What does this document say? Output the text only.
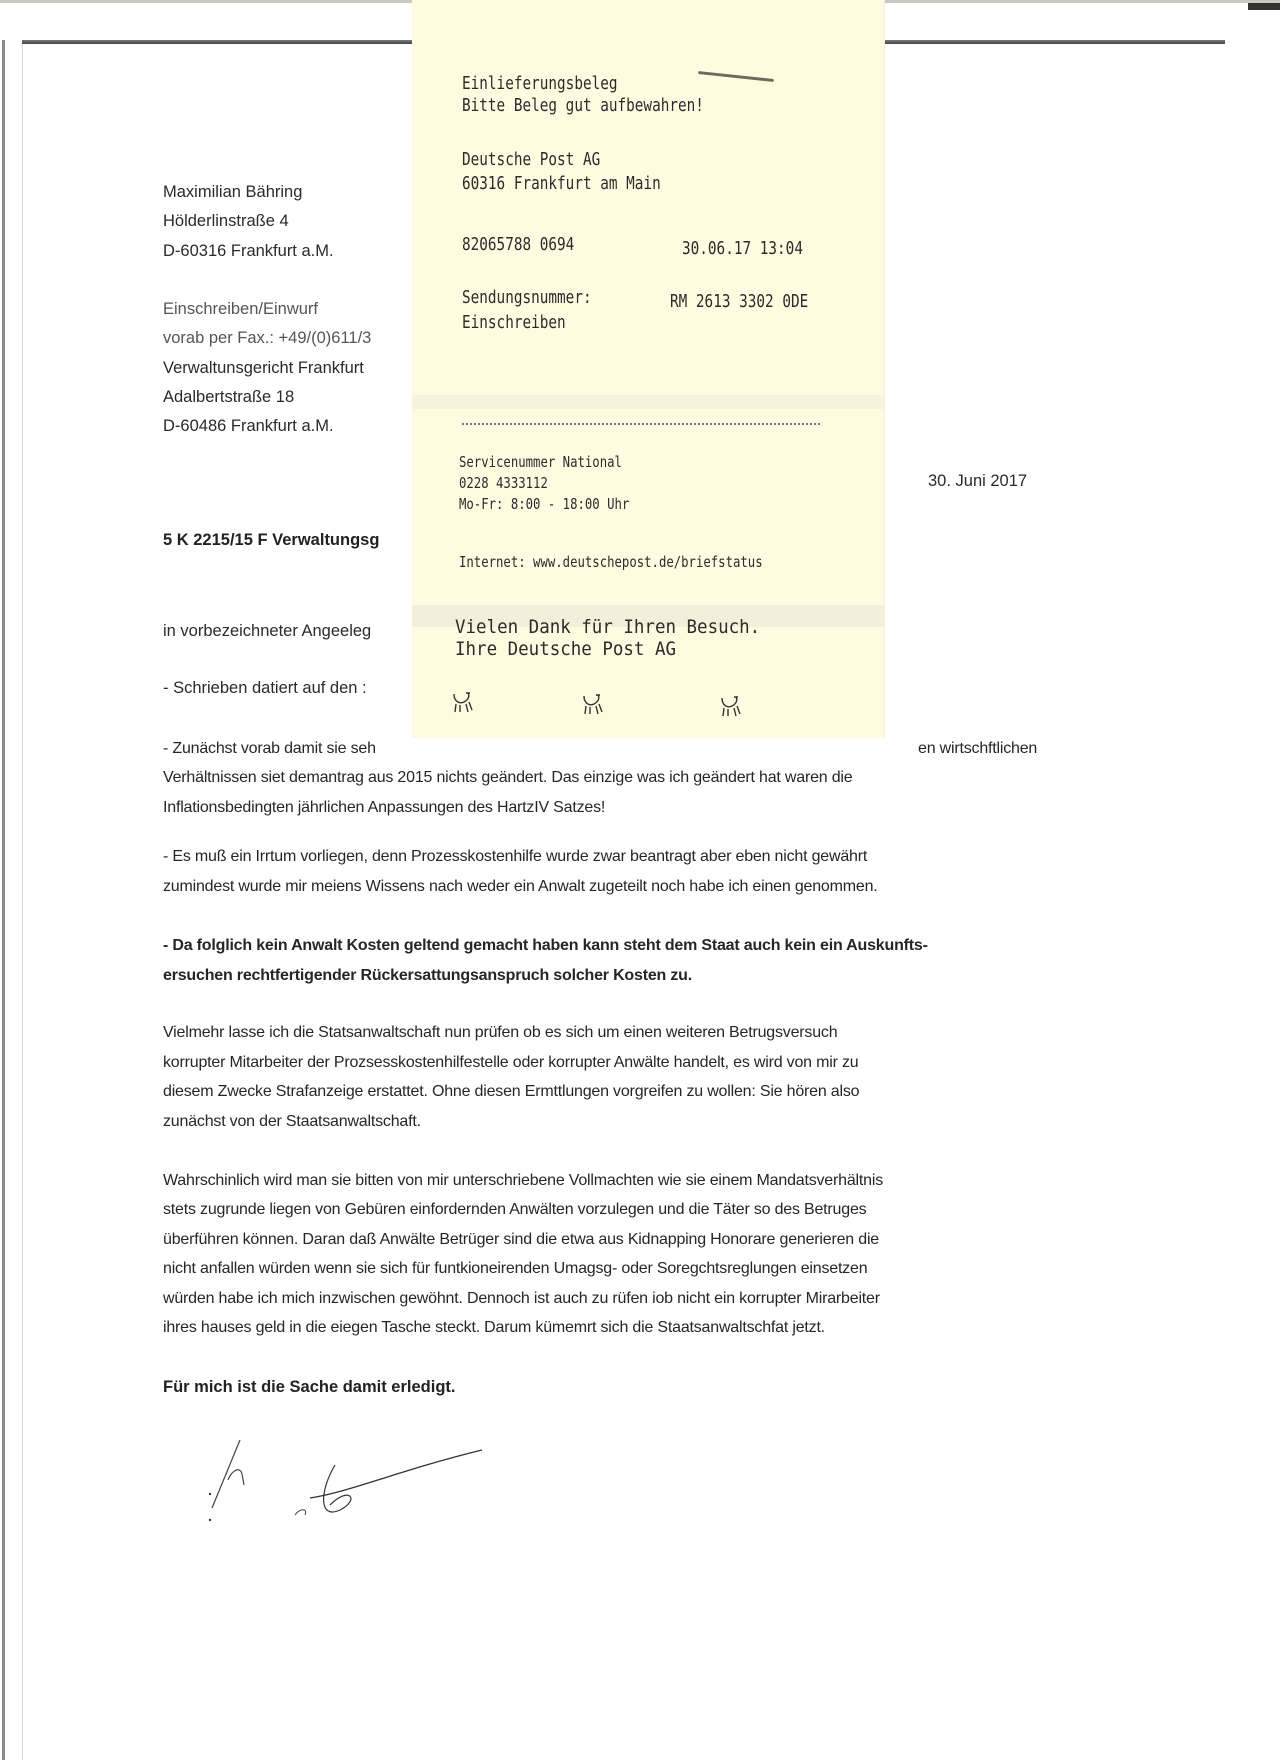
Maximilian Bähring
Hölderlinstraße 4
D-60316 Frankfurt a.M.
Einschreiben/Einwurf
vorab per Fax.: +49/(0)611/3
Verwaltunsgericht Frankfurt
Adalbertstraße 18
D-60486 Frankfurt a.M.
30. Juni 2017
5 K 2215/15 F Verwaltungsg
in vorbezeichneter Angeeleg
- Schrieben datiert auf den :
- Zunächst vorab damit sie seh	en wirtschftlichen
Verhältnissen siet demantrag aus 2015 nichts geändert. Das einzige was ich geändert hat waren die
Inflationsbedingten jährlichen Anpassungen des HartzIV Satzes!
- Es muß ein Irrtum vorliegen, denn Prozesskostenhilfe wurde zwar beantragt aber eben nicht gewährt
zumindest wurde mir meiens Wissens nach weder ein Anwalt zugeteilt noch habe ich einen genommen.
- Da folglich kein Anwalt Kosten geltend gemacht haben kann steht dem Staat auch kein ein Auskunfts-
ersuchen rechtfertigender Rückersattungsanspruch solcher Kosten zu.
Vielmehr lasse ich die Statsanwaltschaft nun prüfen ob es sich um einen weiteren Betrugsversuch
korrupter Mitarbeiter der Prozsesskostenhilfestelle oder korrupter Anwälte handelt, es wird von mir zu
diesem Zwecke Strafanzeige erstattet. Ohne diesen Ermttlungen vorgreifen zu wollen: Sie hören also
zunächst von der Staatsanwaltschaft.
Wahrschinlich wird man sie bitten von mir unterschriebene Vollmachten wie sie einem Mandatsverhältnis
stets zugrunde liegen von Gebüren einfordernden Anwälten vorzulegen und die Täter so des Betruges
überführen können. Daran daß Anwälte Betrüger sind die etwa aus Kidnapping Honorare generieren die
nicht anfallen würden wenn sie sich für funtkioneirenden Umagsg- oder Soregchtsreglungen einsetzen
würden habe ich mich inzwischen gewöhnt. Dennoch ist auch zu rüfen iob nicht ein korrupter Mirarbeiter
ihres hauses geld in die eiegen Tasche steckt. Darum kümemrt sich die Staatsanwaltschfat jetzt.
Für mich ist die Sache damit erledigt.
Einlieferungsbeleg
Bitte Beleg gut aufbewahren!
Deutsche Post AG
60316 Frankfurt am Main
82065788 0694	30.06.17 13:04
Sendungsnummer:	RM 2613 3302 0DE
Einschreiben
Servicenummer National
0228 4333112
Mo-Fr: 8:00 - 18:00 Uhr
Internet: www.deutschepost.de/briefstatus
Vielen Dank für Ihren Besuch.
Ihre Deutsche Post AG
